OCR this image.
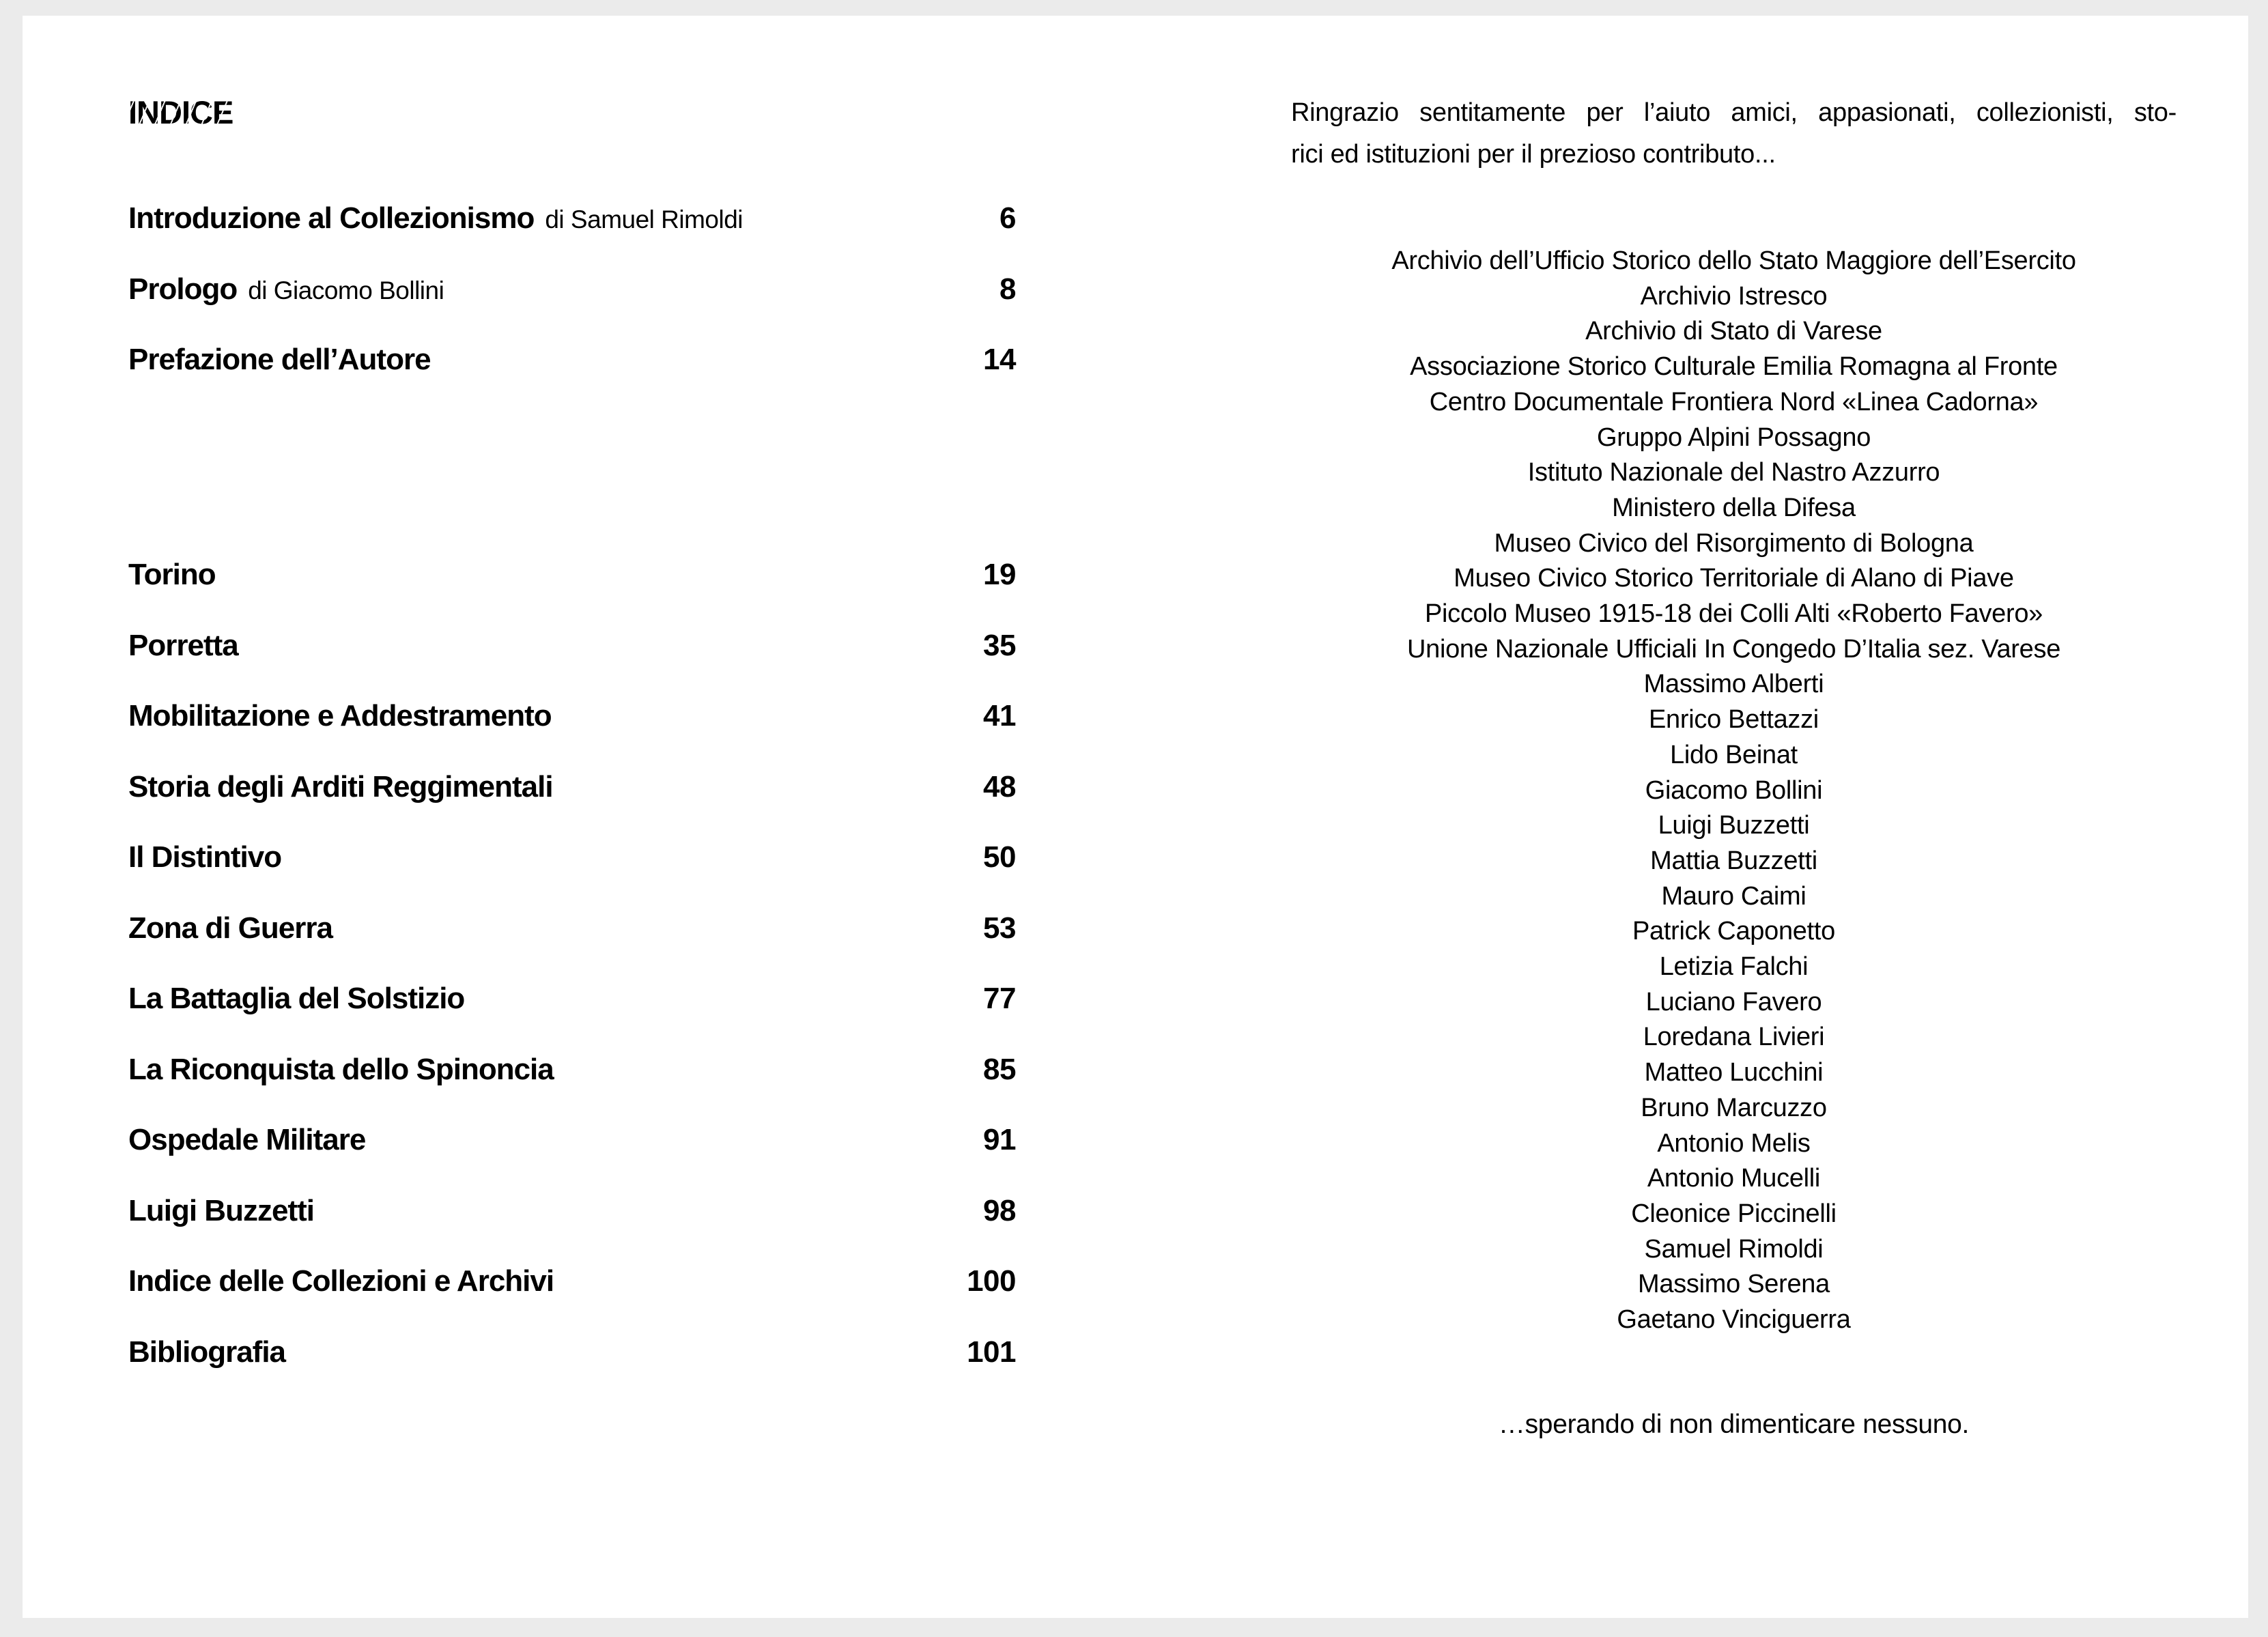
INDICE
Introduzione al Collezionismo di Samuel Rimoldi	6
Prologo di Giacomo Bollini	8
Prefazione dell’Autore	14
Torino	19
Porretta	35
Mobilitazione e Addestramento	41
Storia degli Arditi Reggimentali	48
Il Distintivo	50
Zona di Guerra	53
La Battaglia del Solstizio	77
La Riconquista dello Spinoncia	85
Ospedale Militare	91
Luigi Buzzetti	98
Indice delle Collezioni e Archivi	100
Bibliografia	101
Ringrazio sentitamente per l’aiuto amici, appasionati, collezionisti, sto-
rici ed istituzioni per il prezioso contributo...
Archivio dell’Ufficio Storico dello Stato Maggiore dell’Esercito
Archivio Istresco
Archivio di Stato di Varese
Associazione Storico Culturale Emilia Romagna al Fronte
Centro Documentale Frontiera Nord «Linea Cadorna»
Gruppo Alpini Possagno
Istituto Nazionale del Nastro Azzurro
Ministero della Difesa
Museo Civico del Risorgimento di Bologna
Museo Civico Storico Territoriale di Alano di Piave
Piccolo Museo 1915-18 dei Colli Alti «Roberto Favero»
Unione Nazionale Ufficiali In Congedo D’Italia sez. Varese
Massimo Alberti
Enrico Bettazzi
Lido Beinat
Giacomo Bollini
Luigi Buzzetti
Mattia Buzzetti
Mauro Caimi
Patrick Caponetto
Letizia Falchi
Luciano Favero
Loredana Livieri
Matteo Lucchini
Bruno Marcuzzo
Antonio Melis
Antonio Mucelli
Cleonice Piccinelli
Samuel Rimoldi
Massimo Serena
Gaetano Vinciguerra
…sperando di non dimenticare nessuno.
